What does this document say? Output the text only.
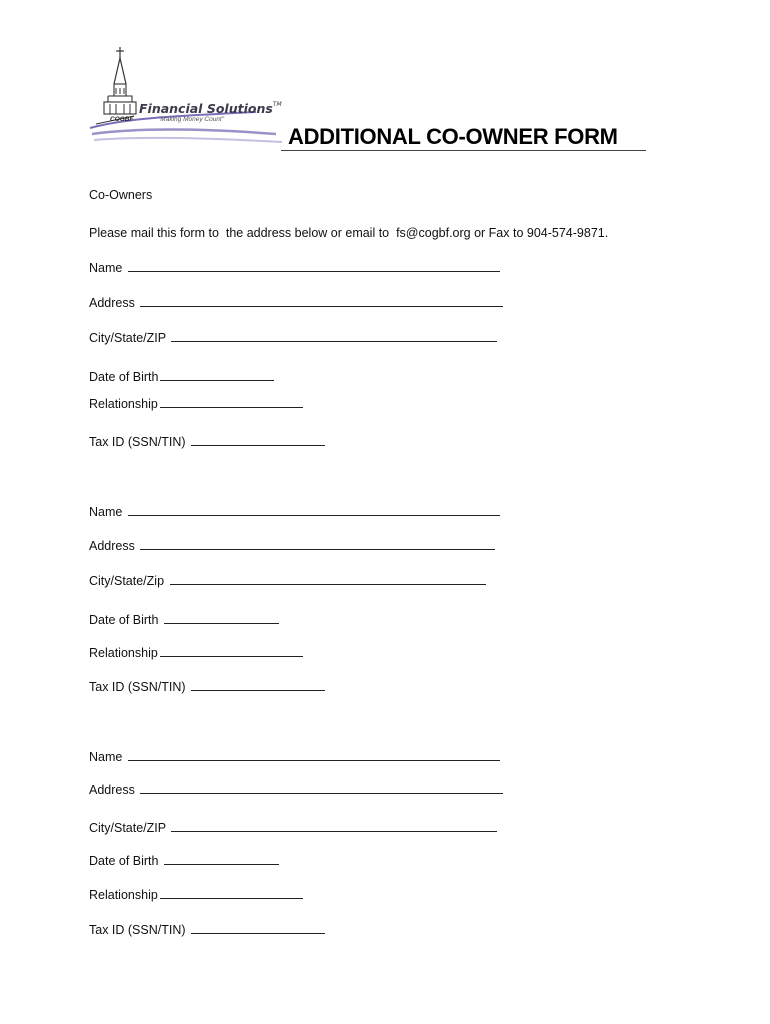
Financial Solutions™
COGBF	"Making Money Count"
ADDITIONAL CO-OWNER FORM
Co-Owners
Please mail this form to  the address below or email to  fs@cogbf.org or Fax to 904-574-9871.
Name
Address
City/State/ZIP
Date of Birth
Relationship
Tax ID (SSN/TIN)
Name
Address
City/State/Zip
Date of Birth
Relationship
Tax ID (SSN/TIN)
Name
Address
City/State/ZIP
Date of Birth
Relationship
Tax ID (SSN/TIN)
